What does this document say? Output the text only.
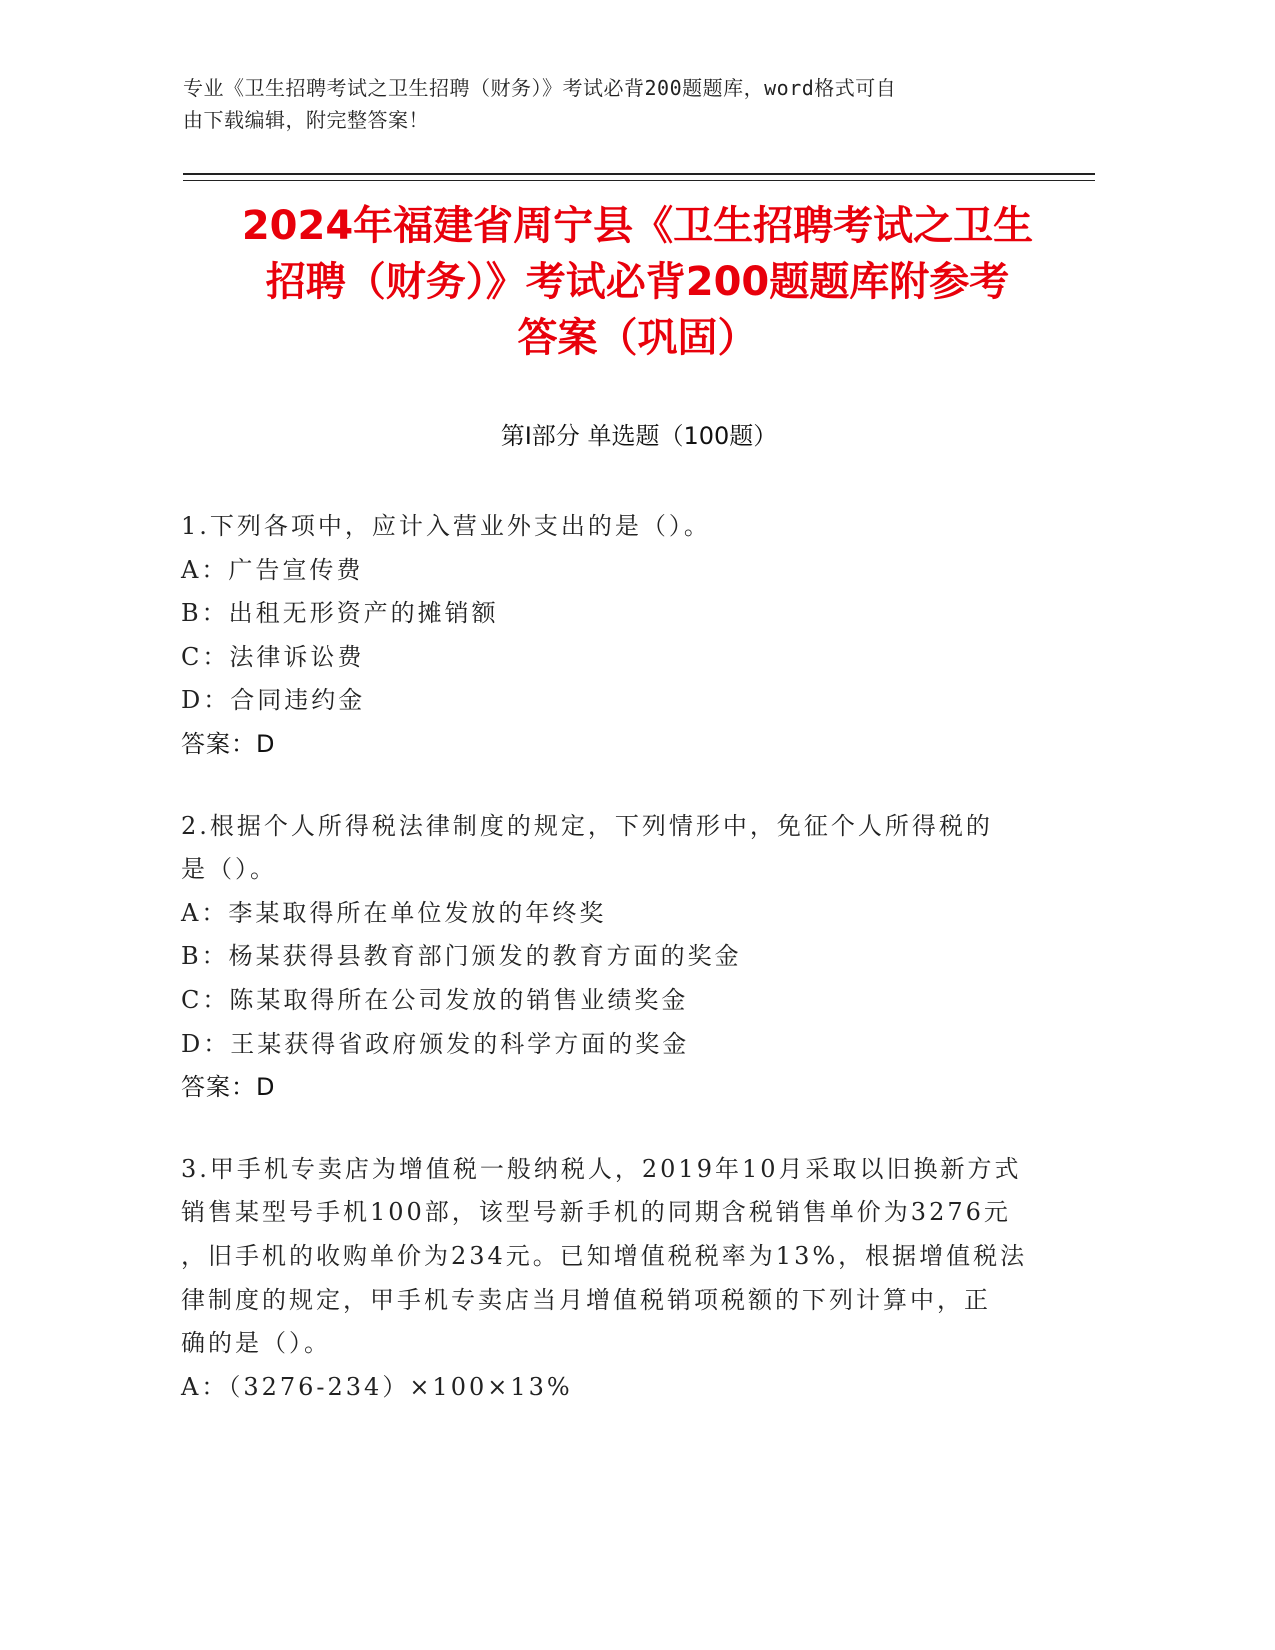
专业《卫生招聘考试之卫生招聘（财务）》考试必背200题题库，word格式可自
由下载编辑，附完整答案！
2024年福建省周宁县《卫生招聘考试之卫生
招聘（财务）》考试必背200题题库附参考
答案（巩固）
第Ⅰ部分 单选题（100题）
1.下列各项中，应计入营业外支出的是（）。
A：广告宣传费
B：出租无形资产的摊销额
C：法律诉讼费
D：合同违约金
答案：D
2.根据个人所得税法律制度的规定，下列情形中，免征个人所得税的
是（）。
A：李某取得所在单位发放的年终奖
B：杨某获得县教育部门颁发的教育方面的奖金
C：陈某取得所在公司发放的销售业绩奖金
D：王某获得省政府颁发的科学方面的奖金
答案：D
3.甲手机专卖店为增值税一般纳税人，2019年10月采取以旧换新方式
销售某型号手机100部，该型号新手机的同期含税销售单价为3276元
，旧手机的收购单价为234元。已知增值税税率为13%，根据增值税法
律制度的规定，甲手机专卖店当月增值税销项税额的下列计算中，正
确的是（）。
A：（3276-234）×100×13%
